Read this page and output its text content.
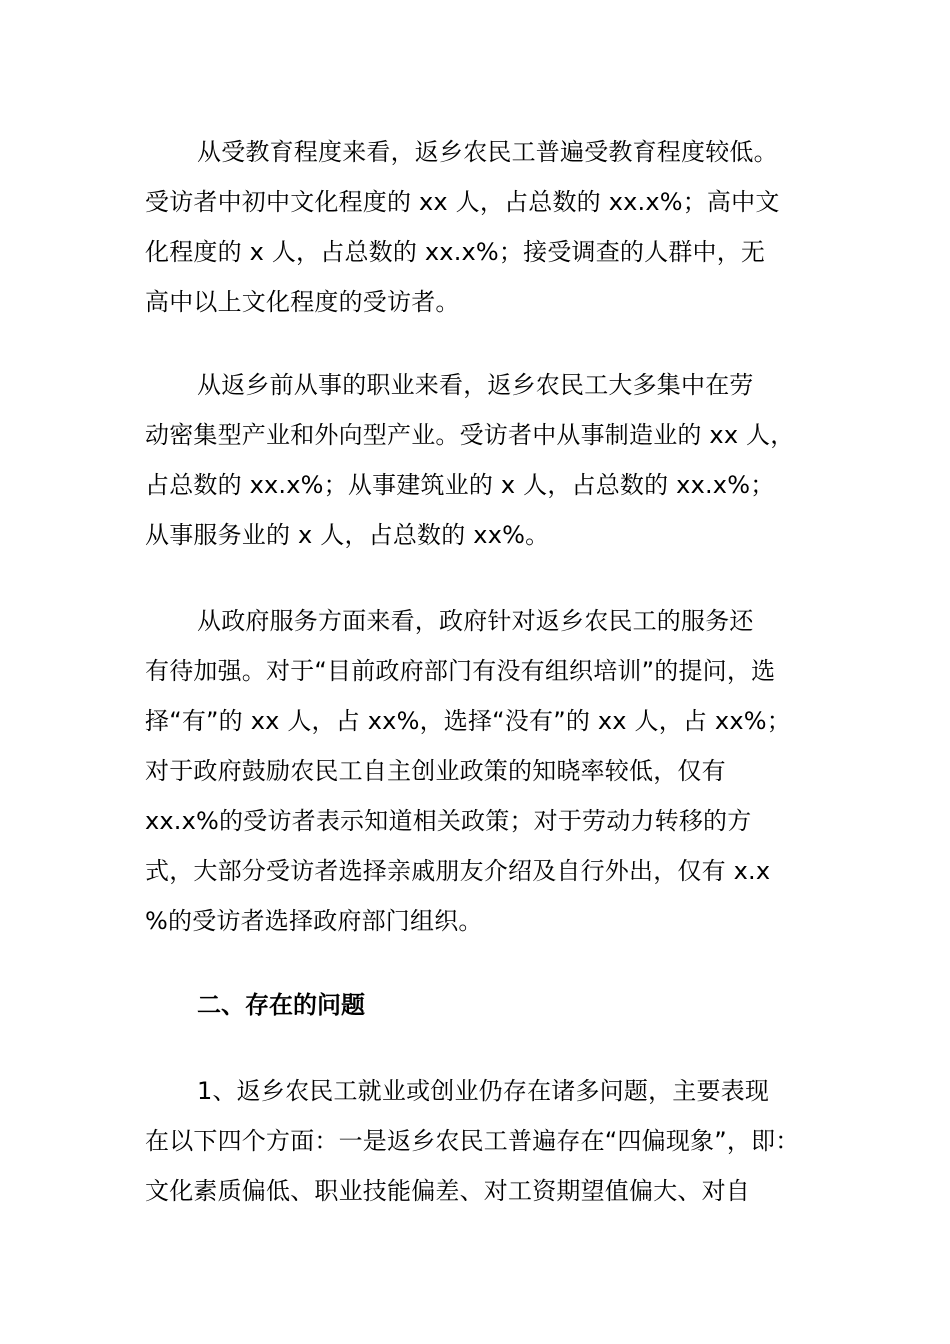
从受教育程度来看，返乡农民工普遍受教育程度较低。
受访者中初中文化程度的 xx 人，占总数的 xx.x%；高中文
化程度的 x 人，占总数的 xx.x%；接受调查的人群中，无
高中以上文化程度的受访者。
从返乡前从事的职业来看，返乡农民工大多集中在劳
动密集型产业和外向型产业。受访者中从事制造业的 xx 人，
占总数的 xx.x%；从事建筑业的 x 人，占总数的 xx.x%；
从事服务业的 x 人，占总数的 xx%。
从政府服务方面来看，政府针对返乡农民工的服务还
有待加强。对于“目前政府部门有没有组织培训”的提问，选
择“有”的 xx 人，占 xx%，选择“没有”的 xx 人，占 xx%；
对于政府鼓励农民工自主创业政策的知晓率较低，仅有
xx.x%的受访者表示知道相关政策；对于劳动力转移的方
式，大部分受访者选择亲戚朋友介绍及自行外出，仅有 x.x
%的受访者选择政府部门组织。
二、存在的问题
1、返乡农民工就业或创业仍存在诸多问题，主要表现
在以下四个方面：一是返乡农民工普遍存在“四偏现象”，即：
文化素质偏低、职业技能偏差、对工资期望值偏大、对自
